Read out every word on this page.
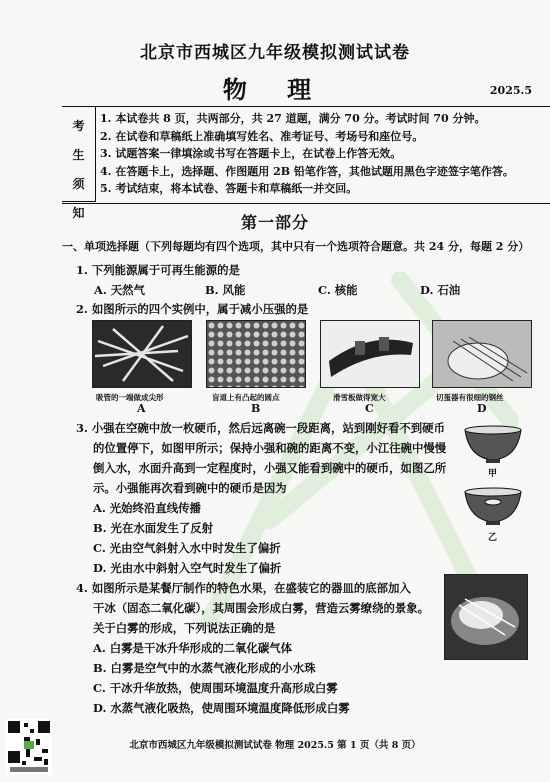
北京市西城区九年级模拟测试试卷
物 理	2025.5
考
生
须
知
1. 本试卷共 8 页，共两部分，共 27 道题，满分 70 分。考试时间 70 分钟。
2. 在试卷和草稿纸上准确填写姓名、准考证号、考场号和座位号。
3. 试题答案一律填涂或书写在答题卡上，在试卷上作答无效。
4. 在答题卡上，选择题、作图题用 2B 铅笔作答，其他试题用黑色字迹签字笔作答。
5. 考试结束，将本试卷、答题卡和草稿纸一并交回。
第一部分
一、单项选择题（下列每题均有四个选项，其中只有一个选项符合题意。共 24 分，每题 2 分）
1. 下列能源属于可再生能源的是
A. 天然气	B. 风能	C. 核能	D. 石油
2. 如图所示的四个实例中，属于减小压强的是
吸管的一端做成尖形	盲道上有凸起的圆点	滑雪板做得宽大	切蛋器有很细的钢丝
A	B	C	D
3. 小强在空碗中放一枚硬币，然后远离碗一段距离，站到刚好看不到硬币
的位置停下，如图甲所示；保持小强和碗的距离不变，小江往碗中慢慢
倒入水，水面升高到一定程度时，小强又能看到碗中的硬币，如图乙所
示。小强能再次看到碗中的硬币是因为
A. 光始终沿直线传播
B. 光在水面发生了反射
C. 光由空气斜射入水中时发生了偏折
D. 光由水中斜射入空气时发生了偏折
甲
乙
4. 如图所示是某餐厅制作的特色水果，在盛装它的器皿的底部加入
干冰（固态二氧化碳），其周围会形成白雾，营造云雾缭绕的景象。
关于白雾的形成，下列说法正确的是
A. 白雾是干冰升华形成的二氧化碳气体
B. 白雾是空气中的水蒸气液化形成的小水珠
C. 干冰升华放热，使周围环境温度升高形成白雾
D. 水蒸气液化吸热，使周围环境温度降低形成白雾
北京市西城区九年级模拟测试试卷 物理 2025.5 第 1 页（共 8 页）
